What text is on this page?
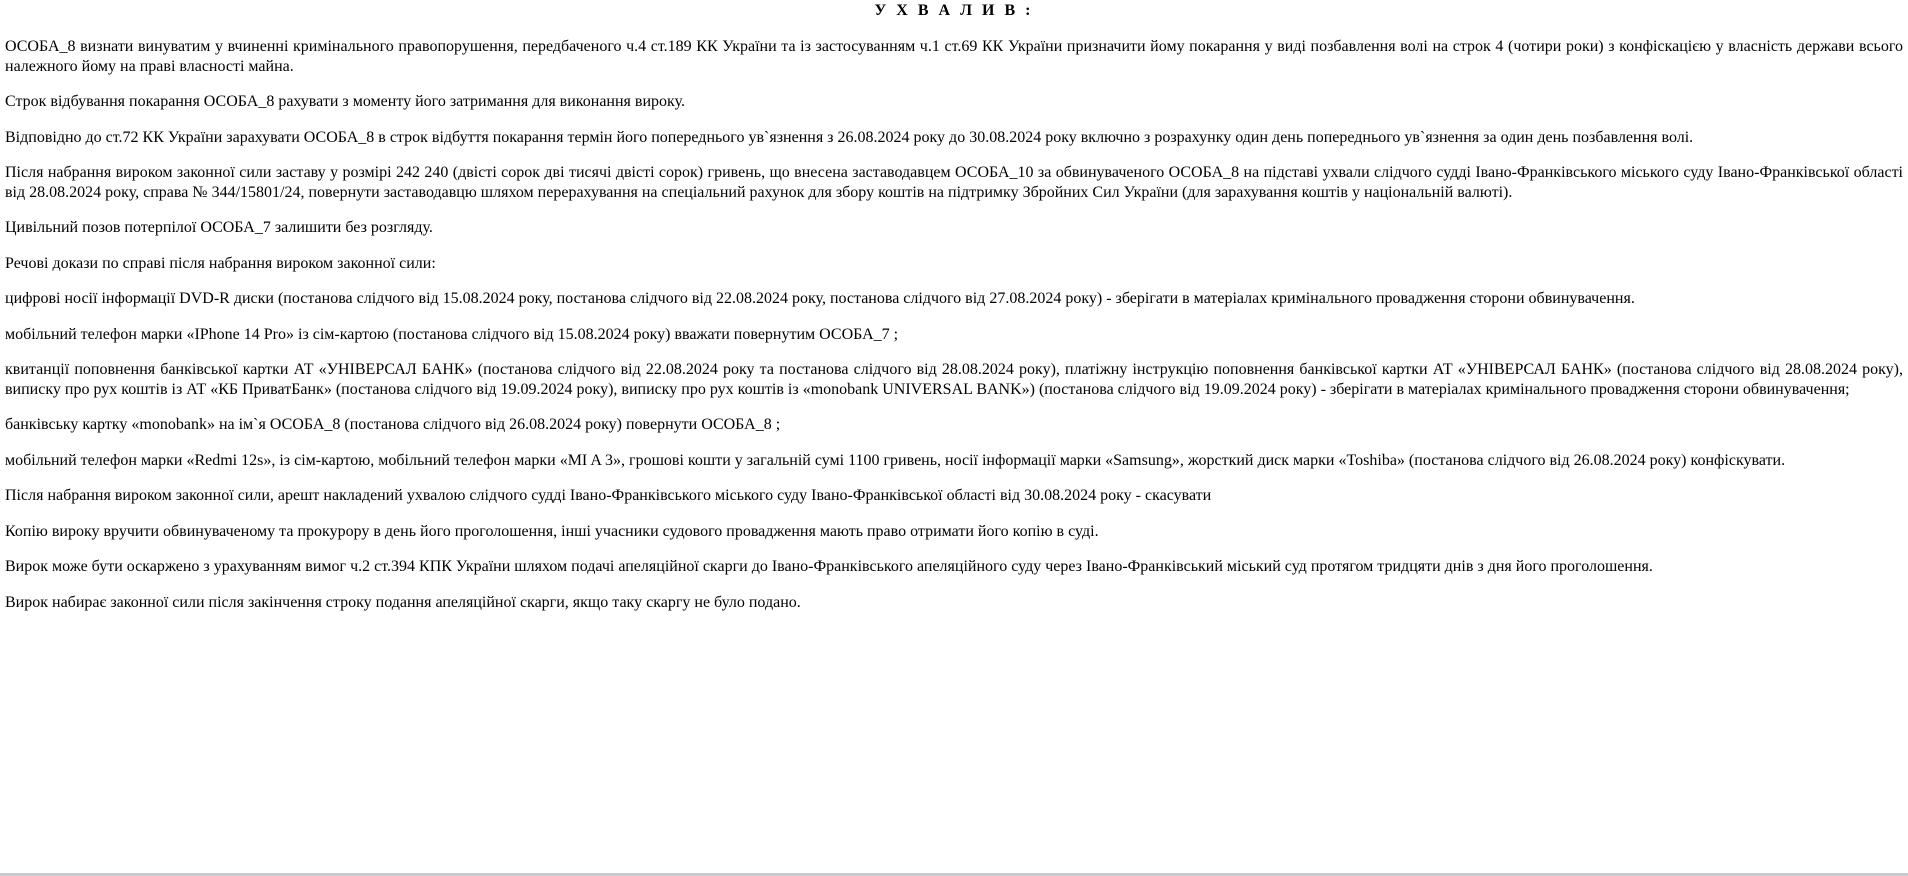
У Х В А Л И В :

ОСОБА_8 визнати винуватим у вчиненні кримінального правопорушення, передбаченого ч.4 ст.189 КК України та із застосуванням ч.1 ст.69 КК України призначити йому покарання у виді позбавлення волі на строк 4 (чотири роки) з конфіскацією у власність держави всього належного йому на праві власності майна.

Строк відбування покарання ОСОБА_8 рахувати з моменту його затримання для виконання вироку.

Відповідно до ст.72 КК України зарахувати ОСОБА_8 в строк відбуття покарання термін його попереднього ув`язнення з 26.08.2024 року до 30.08.2024 року включно з розрахунку один день попереднього ув`язнення за один день позбавлення волі.

Після набрання вироком законної сили заставу у розмірі 242 240 (двісті сорок дві тисячі двісті сорок) гривень, що внесена заставодавцем ОСОБА_10 за обвинуваченого ОСОБА_8 на підставі ухвали слідчого судді Івано-Франківського міського суду Івано-Франківської області від 28.08.2024 року, справа № 344/15801/24, повернути заставодавцю шляхом перерахування на спеціальний рахунок для збору коштів на підтримку Збройних Сил України (для зарахування коштів у національній валюті).

Цивільний позов потерпілої ОСОБА_7 залишити без розгляду.

Речові докази по справі після набрання вироком законної сили:

цифрові носії інформації DVD-R диски (постанова слідчого від 15.08.2024 року, постанова слідчого від 22.08.2024 року, постанова слідчого від 27.08.2024 року) - зберігати в матеріалах кримінального провадження сторони обвинувачення.

мобільний телефон марки «IPhone 14 Pro» із сім-картою (постанова слідчого від 15.08.2024 року) вважати повернутим ОСОБА_7 ;

квитанції поповнення банківської картки АТ «УНІВЕРСАЛ БАНК» (постанова слідчого від 22.08.2024 року та постанова слідчого від 28.08.2024 року), платіжну інструкцію поповнення банківської картки АТ «УНІВЕРСАЛ БАНК» (постанова слідчого від 28.08.2024 року), виписку про рух коштів із АТ «КБ ПриватБанк» (постанова слідчого від 19.09.2024 року), виписку про рух коштів із «monobank UNIVERSAL BANK») (постанова слідчого від 19.09.2024 року) - зберігати в матеріалах кримінального провадження сторони обвинувачення;

банківську картку «monobank» на ім`я ОСОБА_8 (постанова слідчого від 26.08.2024 року) повернути ОСОБА_8 ;

мобільний телефон марки «Redmi 12s», із сім-картою, мобільний телефон марки «MI A 3», грошові кошти у загальній сумі 1100 гривень, носії інформації марки «Samsung», жорсткий диск марки «Toshiba» (постанова слідчого від 26.08.2024 року) конфіскувати.

Після набрання вироком законної сили, арешт накладений ухвалою слідчого судді Івано-Франківського міського суду Івано-Франківської області від 30.08.2024 року - скасувати

Копію вироку вручити обвинуваченому та прокурору в день його проголошення, інші учасники судового провадження мають право отримати його копію в суді.

Вирок може бути оскаржено з урахуванням вимог ч.2 ст.394 КПК України шляхом подачі апеляційної скарги до Івано-Франківського апеляційного суду через Івано-Франківський міський суд протягом тридцяти днів з дня його проголошення.

Вирок набирає законної сили після закінчення строку подання апеляційної скарги, якщо таку скаргу не було подано.
